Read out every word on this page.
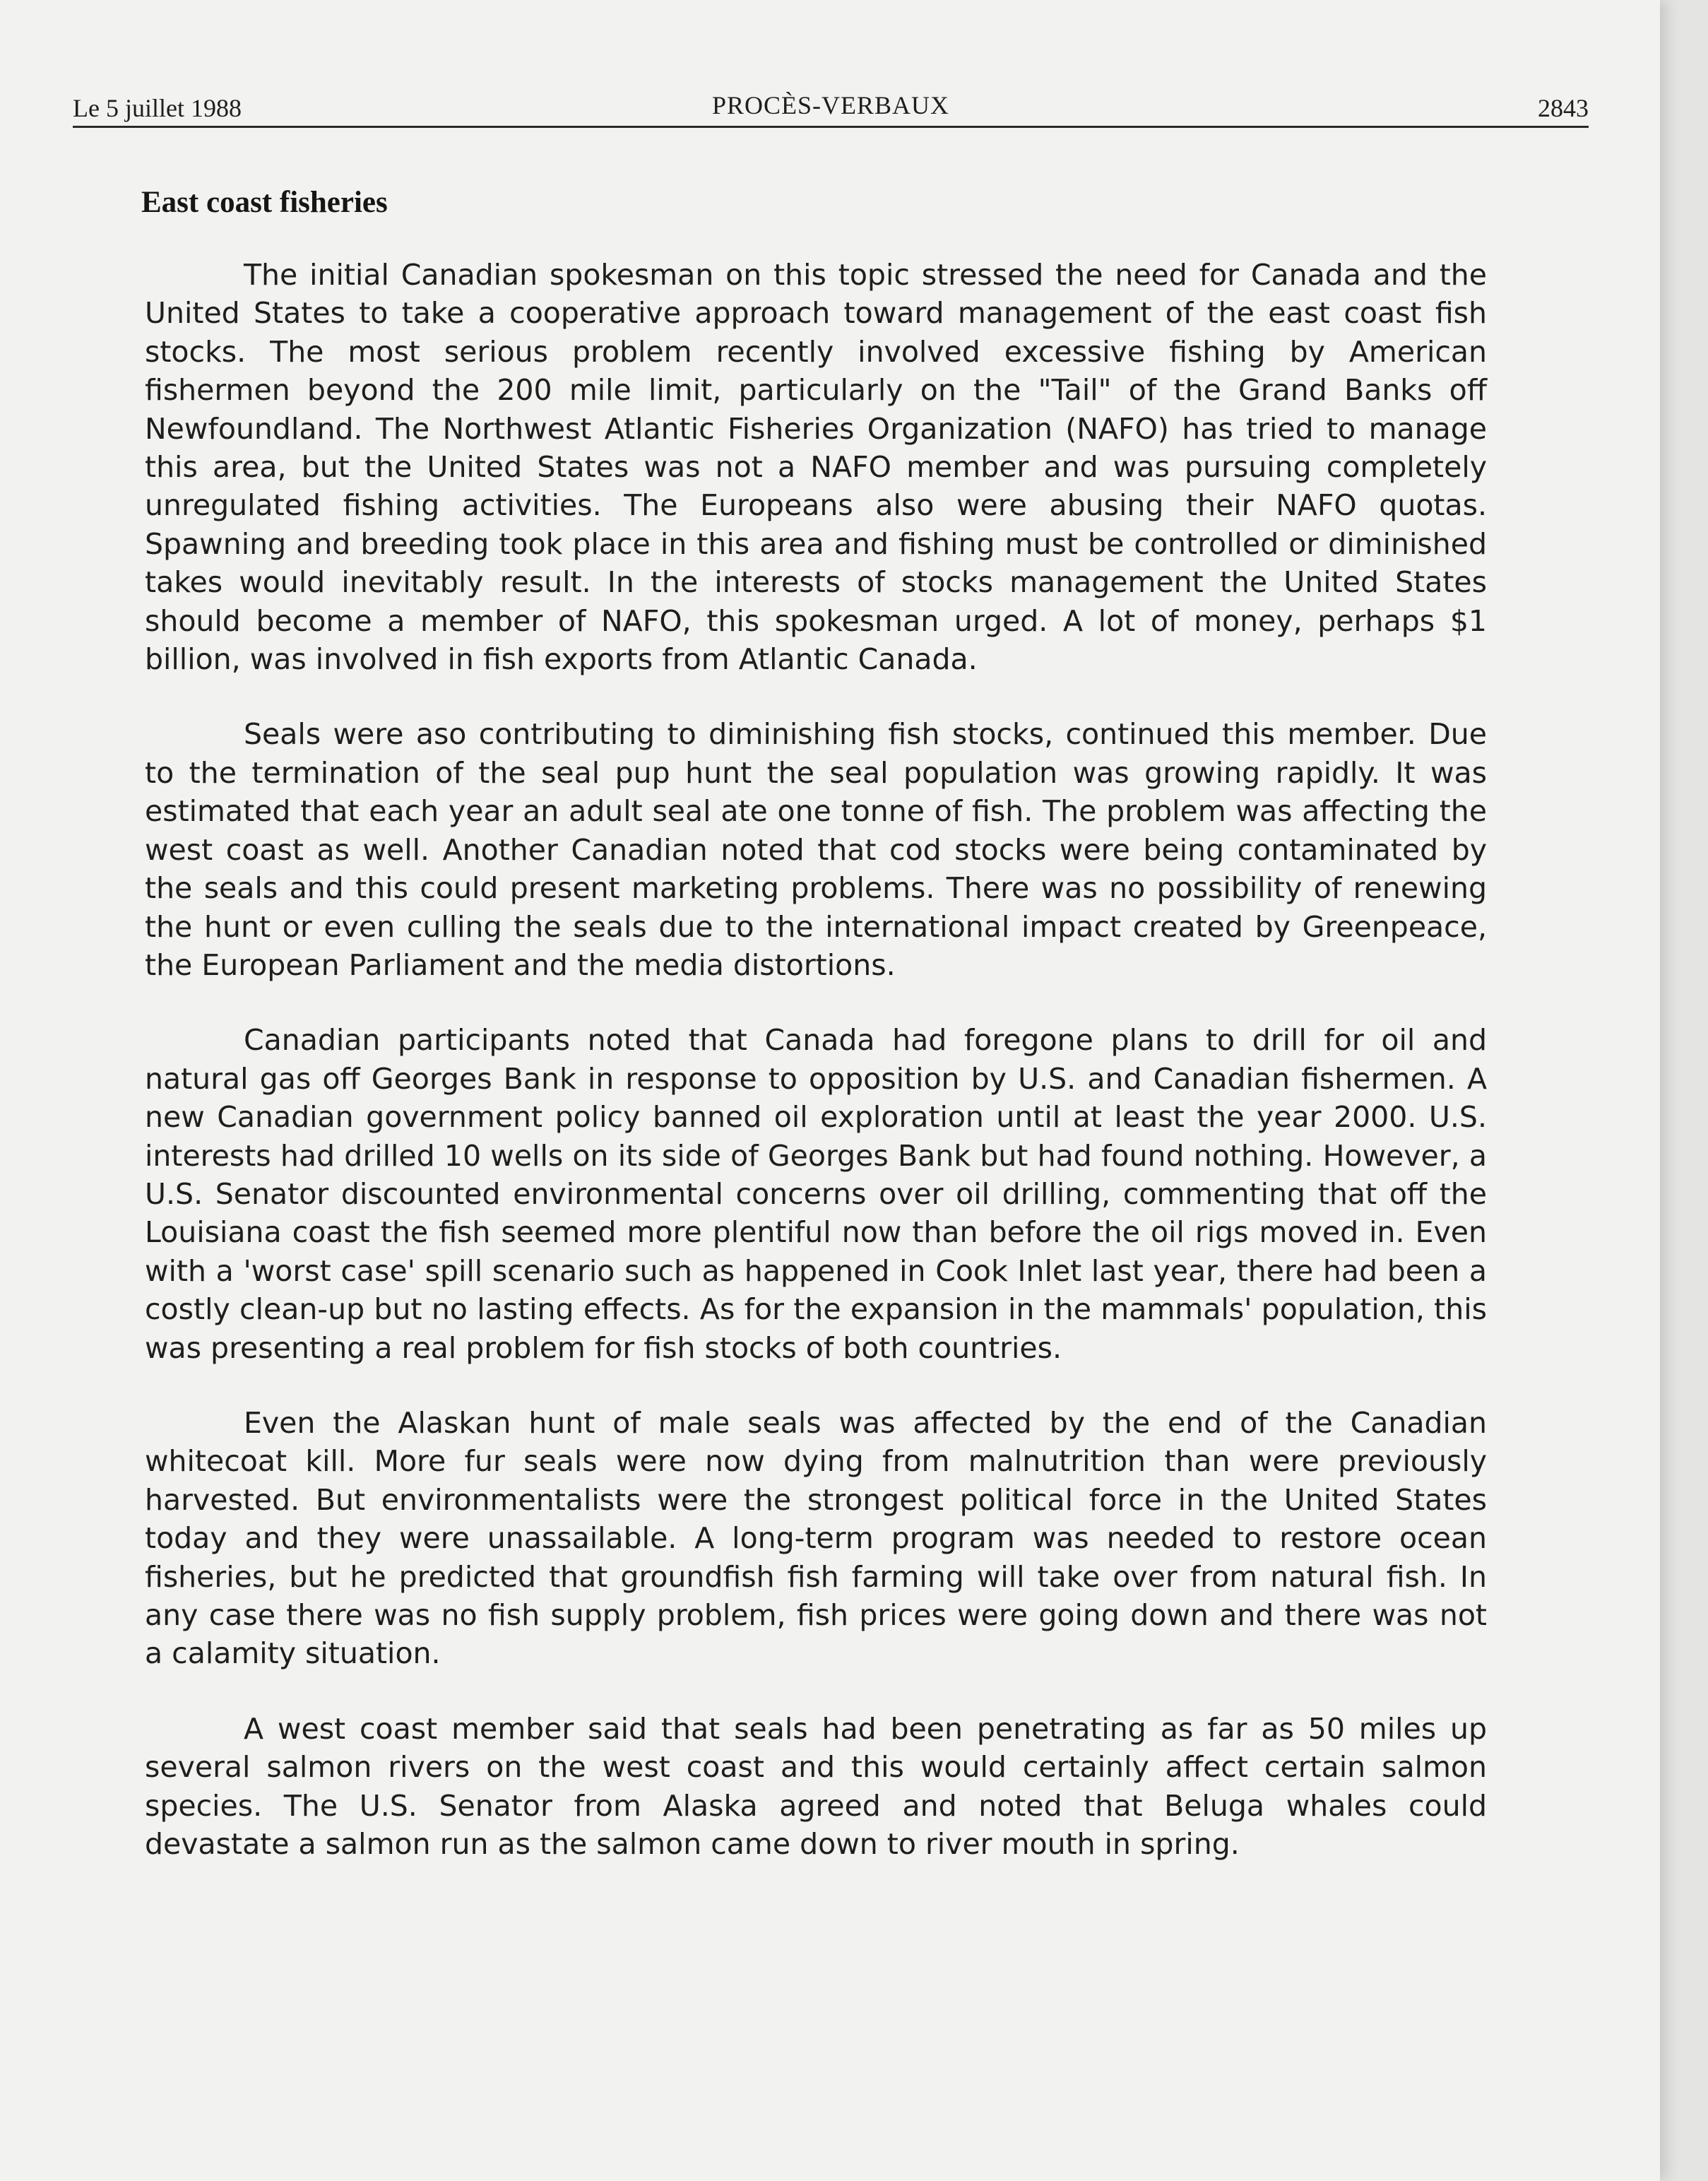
Le 5 juillet 1988	PROCÈS-VERBAUX	2843
East coast fisheries

The initial Canadian spokesman on this topic stressed the need for Canada and the United States to take a cooperative approach toward management of the east coast fish stocks. The most serious problem recently involved excessive fishing by American fishermen beyond the 200 mile limit, particularly on the "Tail" of the Grand Banks off Newfoundland. The Northwest Atlantic Fisheries Organization (NAFO) has tried to manage this area, but the United States was not a NAFO member and was pursuing completely unregulated fishing activities. The Europeans also were abusing their NAFO quotas. Spawning and breeding took place in this area and fishing must be controlled or diminished takes would inevitably result. In the interests of stocks management the United States should become a member of NAFO, this spokesman urged. A lot of money, perhaps $1 billion, was involved in fish exports from Atlantic Canada.

Seals were aso contributing to diminishing fish stocks, continued this member. Due to the termination of the seal pup hunt the seal population was growing rapidly. It was estimated that each year an adult seal ate one tonne of fish. The problem was affecting the west coast as well. Another Canadian noted that cod stocks were being contaminated by the seals and this could present marketing problems. There was no possibility of renewing the hunt or even culling the seals due to the international impact created by Greenpeace, the European Parliament and the media distortions.

Canadian participants noted that Canada had foregone plans to drill for oil and natural gas off Georges Bank in response to opposition by U.S. and Canadian fishermen. A new Canadian government policy banned oil exploration until at least the year 2000. U.S. interests had drilled 10 wells on its side of Georges Bank but had found nothing. However, a U.S. Senator discounted environmental concerns over oil drilling, commenting that off the Louisiana coast the fish seemed more plentiful now than before the oil rigs moved in. Even with a 'worst case' spill scenario such as happened in Cook Inlet last year, there had been a costly clean-up but no lasting effects. As for the expansion in the mammals' population, this was presenting a real problem for fish stocks of both countries.

Even the Alaskan hunt of male seals was affected by the end of the Canadian whitecoat kill. More fur seals were now dying from malnutrition than were previously harvested. But environmentalists were the strongest political force in the United States today and they were unassailable. A long-term program was needed to restore ocean fisheries, but he predicted that groundfish fish farming will take over from natural fish. In any case there was no fish supply problem, fish prices were going down and there was not a calamity situation.

A west coast member said that seals had been penetrating as far as 50 miles up several salmon rivers on the west coast and this would certainly affect certain salmon species. The U.S. Senator from Alaska agreed and noted that Beluga whales could devastate a salmon run as the salmon came down to river mouth in spring.
